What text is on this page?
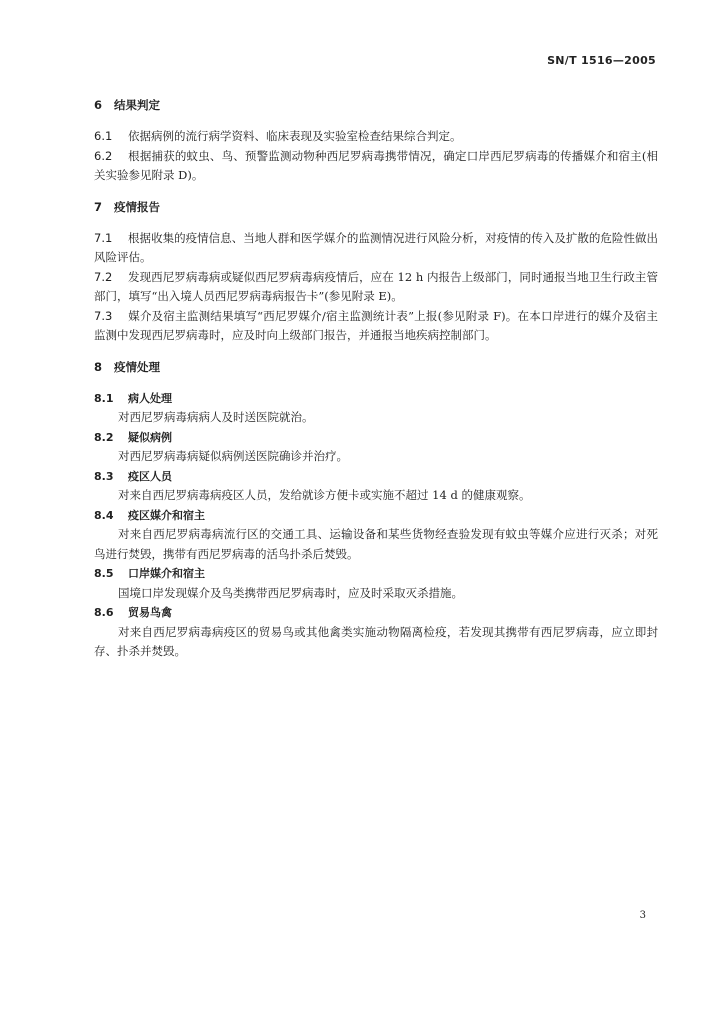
SN/T 1516—2005
6 结果判定

6.1 依据病例的流行病学资料、临床表现及实验室检查结果综合判定。

6.2 根据捕获的蚊虫、鸟、预警监测动物种西尼罗病毒携带情况，确定口岸西尼罗病毒的传播媒介和宿主(相关实验参见附录 D)。

7 疫情报告

7.1 根据收集的疫情信息、当地人群和医学媒介的监测情况进行风险分析，对疫情的传入及扩散的危险性做出风险评估。

7.2 发现西尼罗病毒病或疑似西尼罗病毒病疫情后，应在 12 h 内报告上级部门，同时通报当地卫生行政主管部门，填写“出入境人员西尼罗病毒病报告卡”(参见附录 E)。

7.3 媒介及宿主监测结果填写“西尼罗媒介/宿主监测统计表”上报(参见附录 F)。在本口岸进行的媒介及宿主监测中发现西尼罗病毒时，应及时向上级部门报告，并通报当地疾病控制部门。

8 疫情处理
8.1 病人处理

对西尼罗病毒病病人及时送医院就治。

8.2 疑似病例

对西尼罗病毒病疑似病例送医院确诊并治疗。

8.3 疫区人员

对来自西尼罗病毒病疫区人员，发给就诊方便卡或实施不超过 14 d 的健康观察。

8.4 疫区媒介和宿主

对来自西尼罗病毒病流行区的交通工具、运输设备和某些货物经查验发现有蚊虫等媒介应进行灭杀；对死鸟进行焚毁，携带有西尼罗病毒的活鸟扑杀后焚毁。

8.5 口岸媒介和宿主

国境口岸发现媒介及鸟类携带西尼罗病毒时，应及时采取灭杀措施。

8.6 贸易鸟禽

对来自西尼罗病毒病疫区的贸易鸟或其他禽类实施动物隔离检疫，若发现其携带有西尼罗病毒，应立即封存、扑杀并焚毁。

3
